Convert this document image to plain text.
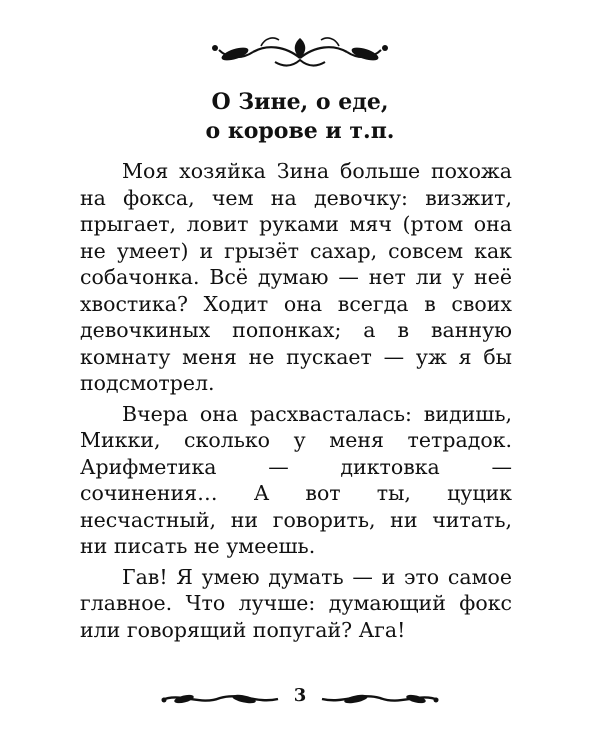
О Зине, о еде,
о корове и т.п.

Моя хозяйка Зина больше похожа на фокса, чем на девочку: визжит, прыгает, ловит руками мяч (ртом она не умеет) и грызёт сахар, совсем как собачонка. Всё думаю — нет ли у неё хвостика? Ходит она всегда в своих девочкиных попонках; а в ванную комнату меня не пускает — уж я бы подсмотрел.

Вчера она расхвасталась: видишь, Микки, сколько у меня тетрадок. Арифметика — диктовка — сочинения… А вот ты, цуцик несчастный, ни говорить, ни читать, ни писать не умеешь.

Гав! Я умею думать — и это самое главное. Что лучше: думающий фокс или говорящий попугай? Ага!

3
